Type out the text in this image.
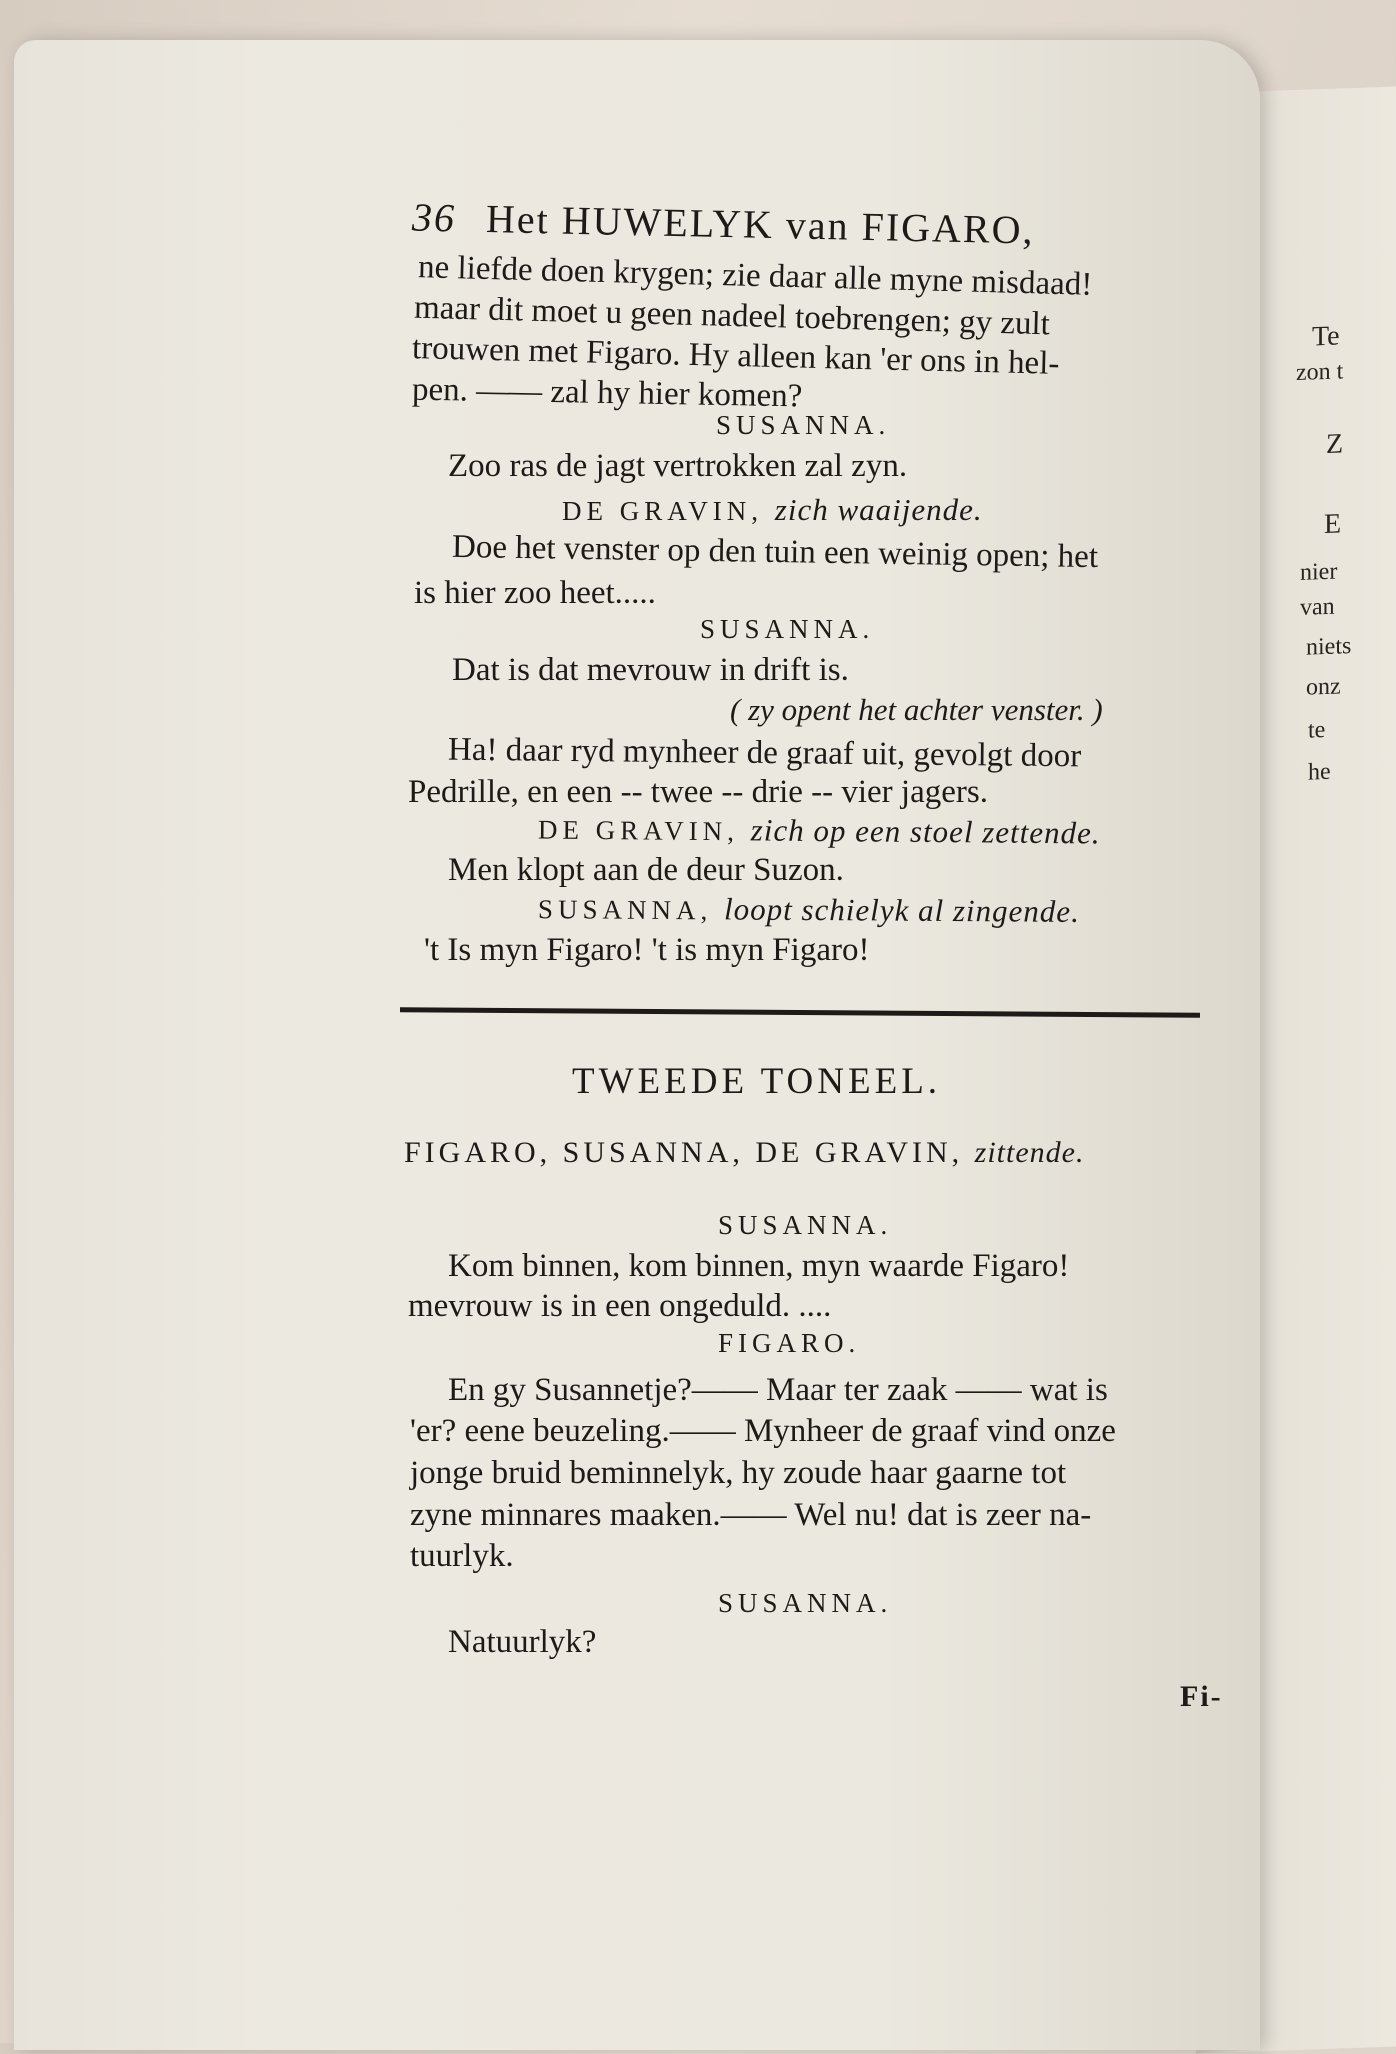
Te
zon t
Z
E
nier
van
niets
onz
te
he
36 Het HUWELYK van FIGARO,
ne liefde doen krygen; zie daar alle myne misdaad!
maar dit moet u geen nadeel toebrengen; gy zult
trouwen met Figaro. Hy alleen kan 'er ons in hel-
pen. —— zal hy hier komen?
SUSANNA.
Zoo ras de jagt vertrokken zal zyn.
DE GRAVIN, zich waaijende.
Doe het venster op den tuin een weinig open; het
is hier zoo heet.....
SUSANNA.
Dat is dat mevrouw in drift is.
( zy opent het achter venster. )
Ha! daar ryd mynheer de graaf uit, gevolgt door
Pedrille, en een -- twee -- drie -- vier jagers.
DE GRAVIN, zich op een stoel zettende.
Men klopt aan de deur Suzon.
SUSANNA, loopt schielyk al zingende.
't Is myn Figaro! 't is myn Figaro!
TWEEDE TONEEL.
FIGARO, SUSANNA, DE GRAVIN, zittende.
SUSANNA.
Kom binnen, kom binnen, myn waarde Figaro!
mevrouw is in een ongeduld. ....
FIGARO.
En gy Susannetje?—— Maar ter zaak —— wat is
'er? eene beuzeling.—— Mynheer de graaf vind onze
jonge bruid beminnelyk, hy zoude haar gaarne tot
zyne minnares maaken.—— Wel nu! dat is zeer na-
tuurlyk.
SUSANNA.
Natuurlyk?
Fi-
